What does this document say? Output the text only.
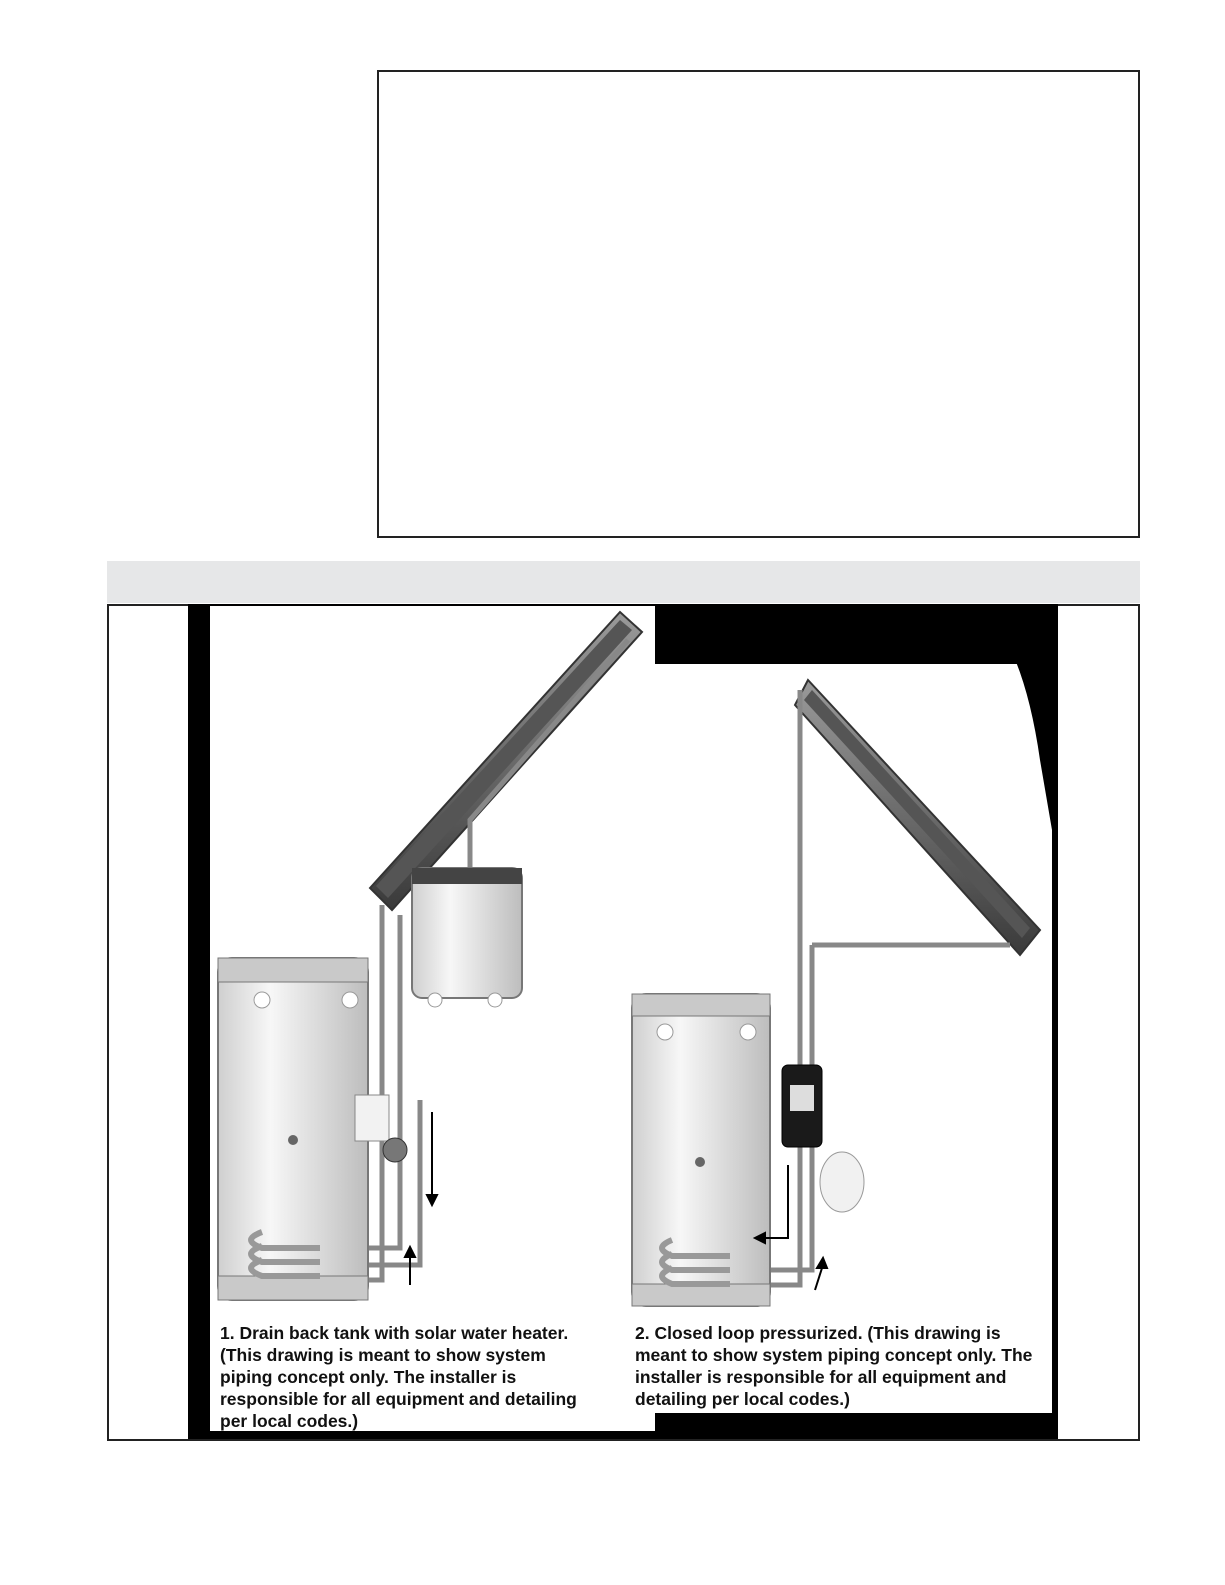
1. Drain back tank with solar water heater.
(This drawing is meant to show system
piping concept only. The installer is
responsible for all equipment and detailing
per local codes.)
2. Closed loop pressurized. (This drawing is
meant to show system piping concept only. The
installer is responsible for all equipment and
detailing per local codes.)
